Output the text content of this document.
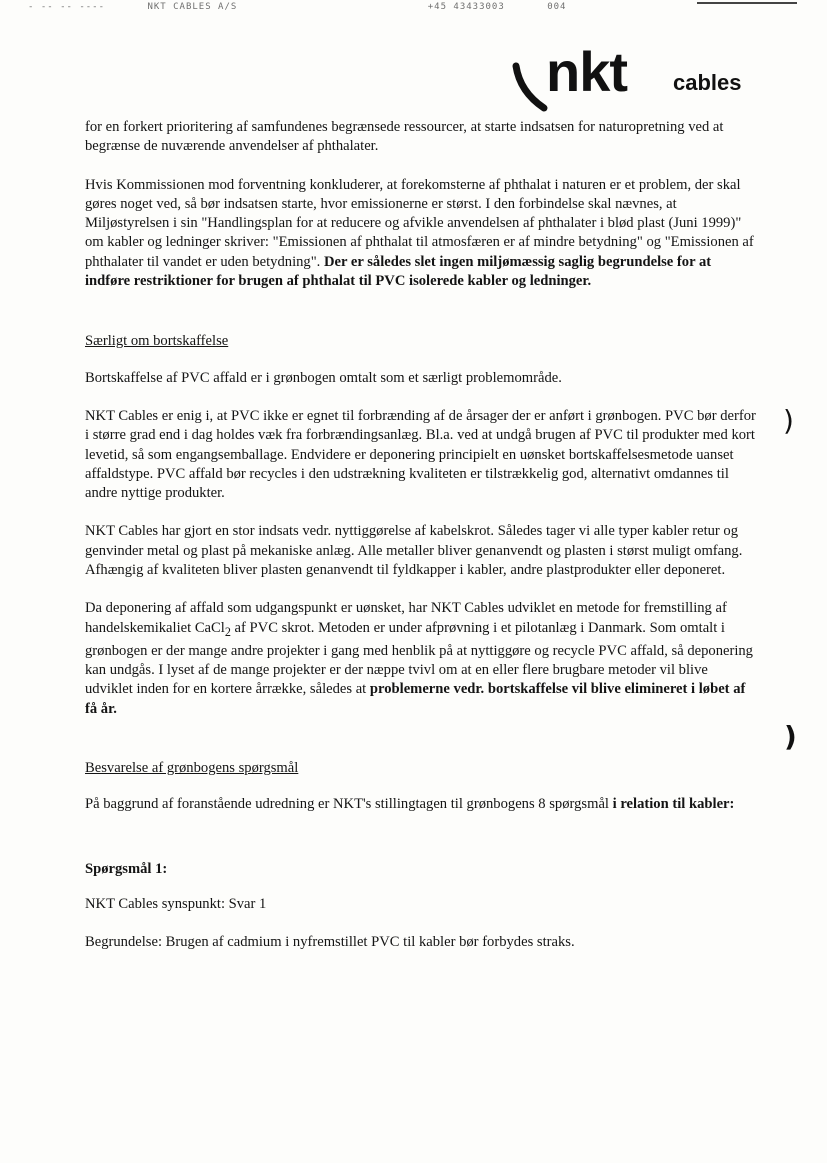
- -- -- ----	NKT CABLES A/S	+45 43433003	004
nkt cables

for en forkert prioritering af samfundenes begrænsede ressourcer, at starte indsatsen for naturopretning ved at begrænse de nuværende anvendelser af phthalater.

Hvis Kommissionen mod forventning konkluderer, at forekomsterne af phthalat i naturen er et problem, der skal gøres noget ved, så bør indsatsen starte, hvor emissionerne er størst. I den forbindelse skal nævnes, at Miljøstyrelsen i sin "Handlingsplan for at reducere og afvikle anvendelsen af phthalater i blød plast (Juni 1999)" om kabler og ledninger skriver: "Emissionen af phthalat til atmosfæren er af mindre betydning" og "Emissionen af phthalater til vandet er uden betydning". Der er således slet ingen miljømæssig saglig begrundelse for at indføre restriktioner for brugen af phthalat til PVC isolerede kabler og ledninger.

Særligt om bortskaffelse

Bortskaffelse af PVC affald er i grønbogen omtalt som et særligt problemområde.

NKT Cables er enig i, at PVC ikke er egnet til forbrænding af de årsager der er anført i grønbogen. PVC bør derfor i større grad end i dag holdes væk fra forbrændingsanlæg. Bl.a. ved at undgå brugen af PVC til produkter med kort levetid, så som engangsemballage. Endvidere er deponering principielt en uønsket bortskaffelsesmetode uanset affaldstype. PVC affald bør recycles i den udstrækning kvaliteten er tilstrækkelig god, alternativt omdannes til andre nyttige produkter.

NKT Cables har gjort en stor indsats vedr. nyttiggørelse af kabelskrot. Således tager vi alle typer kabler retur og genvinder metal og plast på mekaniske anlæg. Alle metaller bliver genanvendt og plasten i størst muligt omfang. Afhængig af kvaliteten bliver plasten genanvendt til fyldkapper i kabler, andre plastprodukter eller deponeret.

Da deponering af affald som udgangspunkt er uønsket, har NKT Cables udviklet en metode for fremstilling af handelskemikaliet CaCl$_2$ af PVC skrot. Metoden er under afprøvning i et pilotanlæg i Danmark. Som omtalt i grønbogen er der mange andre projekter i gang med henblik på at nyttiggøre og recycle PVC affald, så deponering kan undgås. I lyset af de mange projekter er der næppe tvivl om at en eller flere brugbare metoder vil blive udviklet inden for en kortere årrække, således at problemerne vedr. bortskaffelse vil blive elimineret i løbet af få år.

Besvarelse af grønbogens spørgsmål

På baggrund af foranstående udredning er NKT's stillingtagen til grønbogens 8 spørgsmål i relation til kabler:

Spørgsmål 1:

NKT Cables synspunkt: Svar 1

Begrundelse: Brugen af cadmium i nyfremstillet PVC til kabler bør forbydes straks.

)
)
